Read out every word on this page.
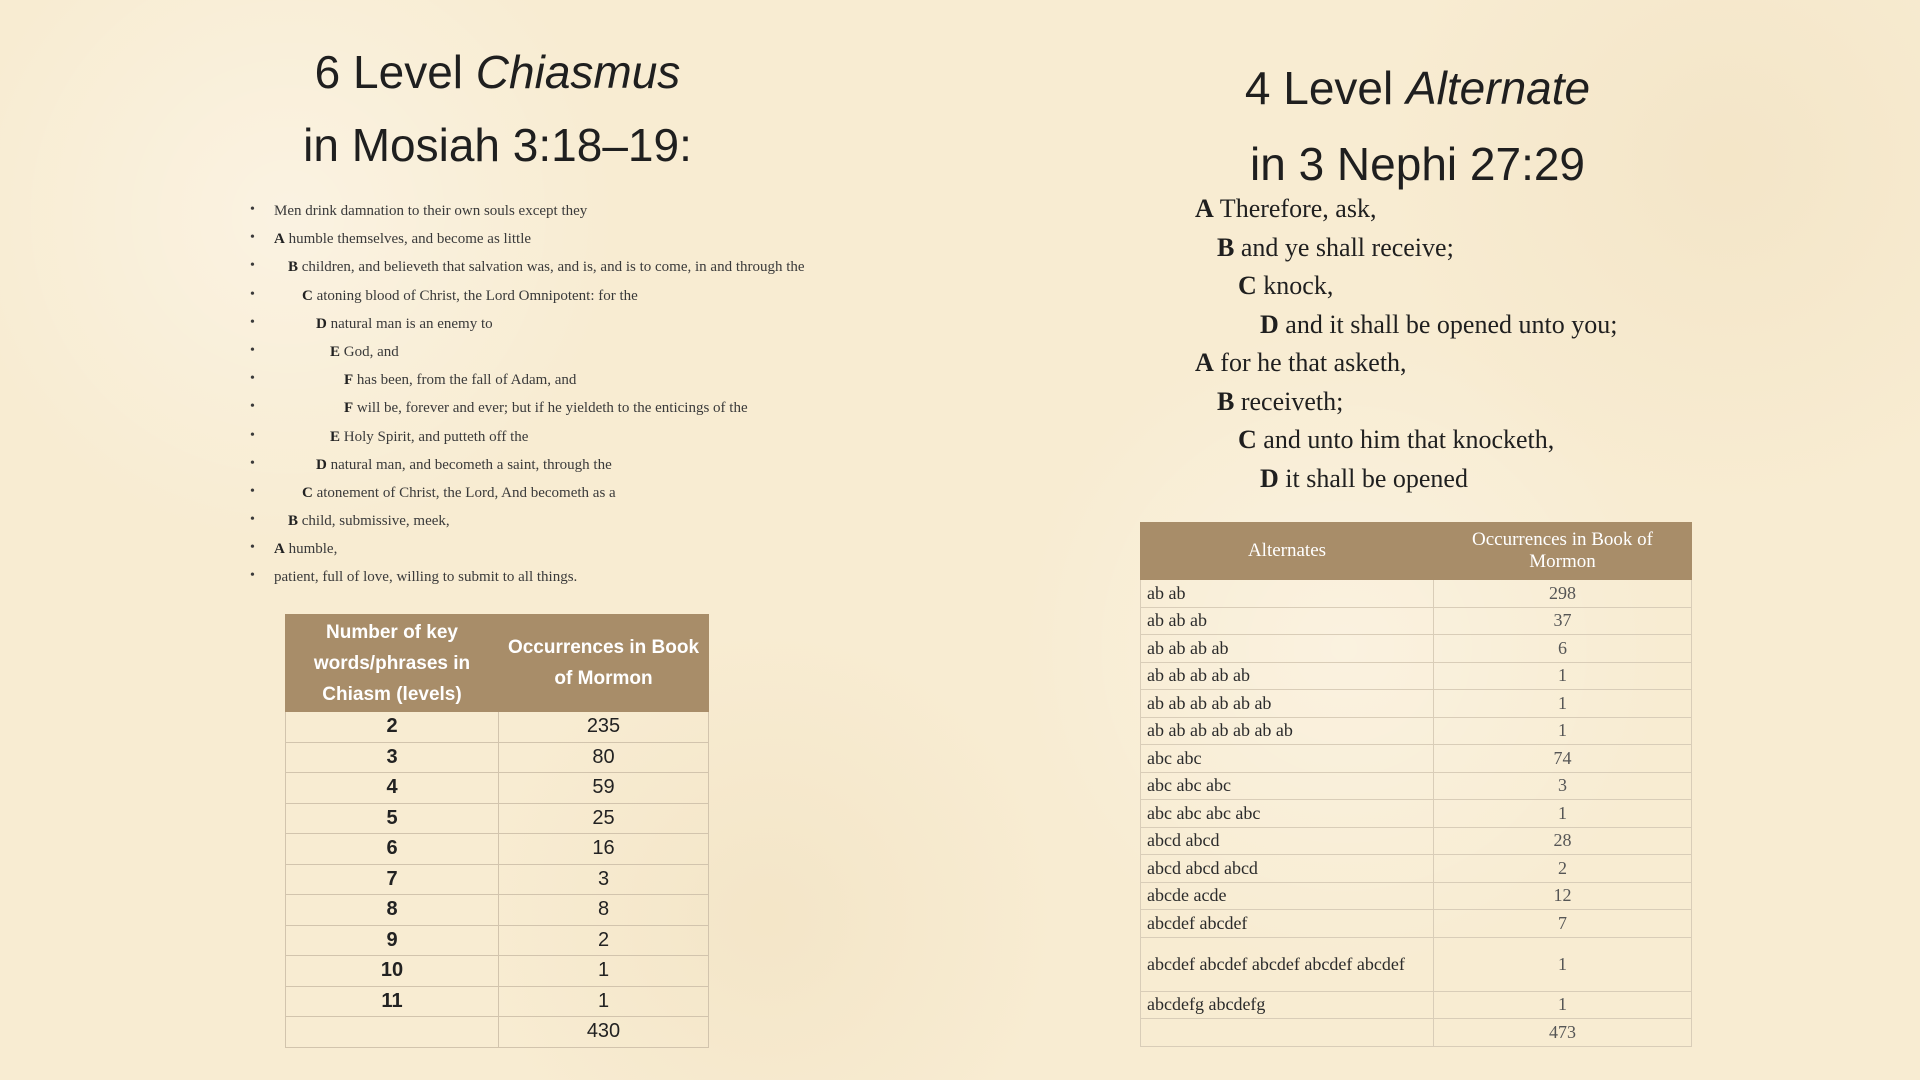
6 Level Chiasmus
in Mosiah 3:18–19:
4 Level Alternate
in 3 Nephi 27:29
• Men drink damnation to their own souls except they
• A humble themselves, and become as little
• B children, and believeth that salvation was, and is, and is to come, in and through the
•	C atoning blood of Christ, the Lord Omnipotent: for the
•	D natural man is an enemy to
•	E God, and
•	F has been, from the fall of Adam, and
•	F will be, forever and ever; but if he yieldeth to the enticings of the
•	E Holy Spirit, and putteth off the
•	D natural man, and becometh a saint, through the
•	C atonement of Christ, the Lord, And becometh as a
• B child, submissive, meek,
• A humble,
• patient, full of love, willing to submit to all things.
A Therefore, ask,
B and ye shall receive;
C knock,
D and it shall be opened unto you;
A for he that asketh,
B receiveth;
C and unto him that knocketh,
D it shall be opened
Number of key words/phrases in Chiasm (levels)	Occurrences in Book of Mormon
2	235
3	80
4	59
5	25
6	16
7	3
8	8
9	2
10	1
11	1
	430
Alternates	Occurrences in Book of Mormon
ab ab	298
ab ab ab	37
ab ab ab ab	6
ab ab ab ab ab	1
ab ab ab ab ab ab	1
ab ab ab ab ab ab ab	1
abc abc	74
abc abc abc	3
abc abc abc abc	1
abcd abcd	28
abcd abcd abcd	2
abcde acde	12
abcdef abcdef	7
abcdef abcdef abcdef abcdef abcdef	1
abcdefg abcdefg	1
	473
